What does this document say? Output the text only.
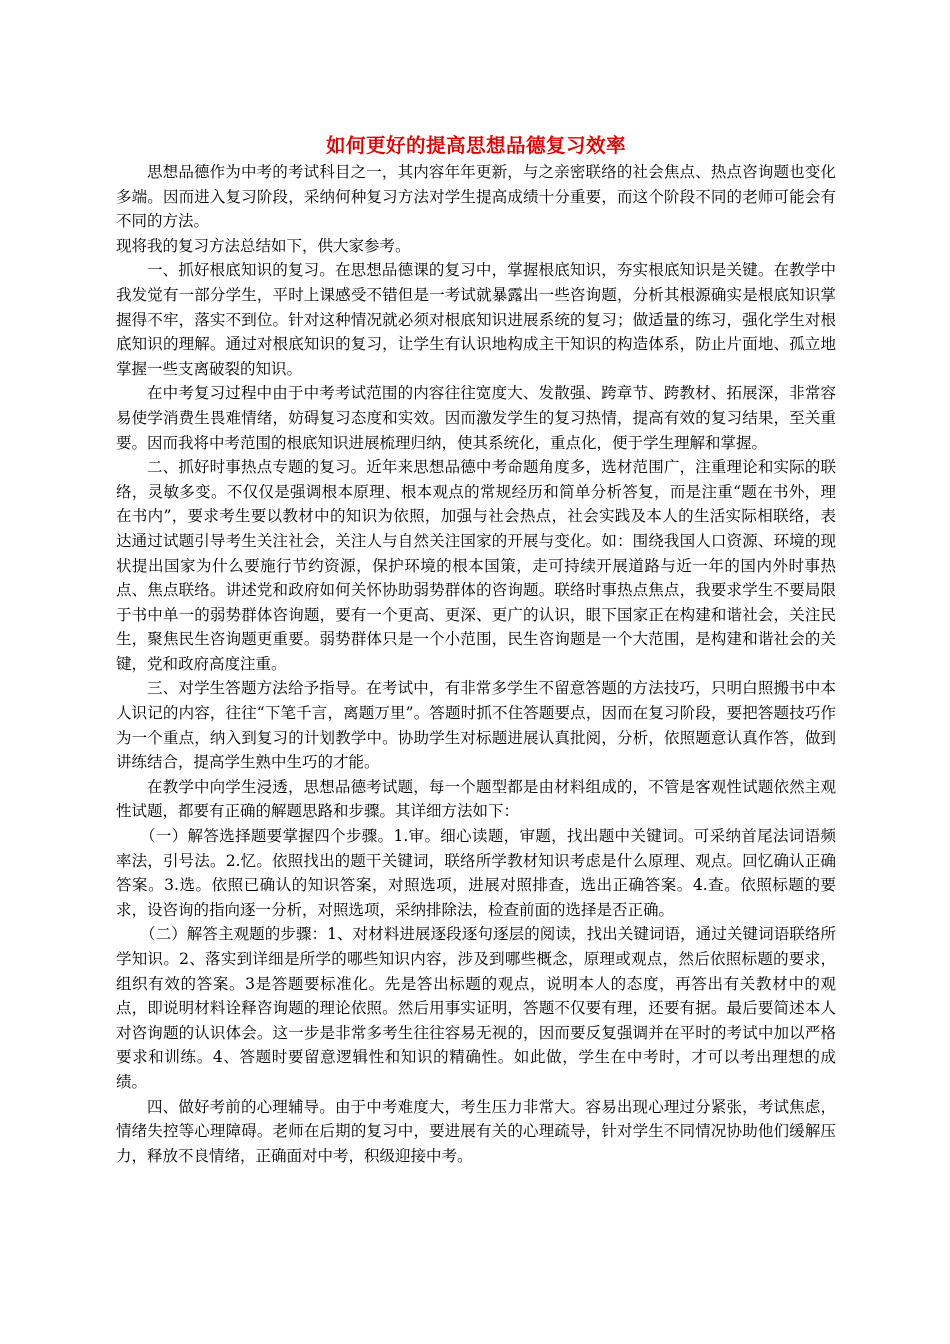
如何更好的提高思想品德复习效率

思想品德作为中考的考试科目之一，其内容年年更新，与之亲密联络的社会焦点、热点咨询题也变化多端。因而进入复习阶段，采纳何种复习方法对学生提高成绩十分重要，而这个阶段不同的老师可能会有不同的方法。

现将我的复习方法总结如下，供大家参考。

一、抓好根底知识的复习。在思想品德课的复习中，掌握根底知识，夯实根底知识是关键。在教学中我发觉有一部分学生，平时上课感受不错但是一考试就暴露出一些咨询题，分析其根源确实是根底知识掌握得不牢，落实不到位。针对这种情况就必须对根底知识进展系统的复习；做适量的练习，强化学生对根底知识的理解。通过对根底知识的复习，让学生有认识地构成主干知识的构造体系，防止片面地、孤立地掌握一些支离破裂的知识。

在中考复习过程中由于中考考试范围的内容往往宽度大、发散强、跨章节、跨教材、拓展深，非常容易使学消费生畏难情绪，妨碍复习态度和实效。因而激发学生的复习热情，提高有效的复习结果，至关重要。因而我将中考范围的根底知识进展梳理归纳，使其系统化，重点化，便于学生理解和掌握。

二、抓好时事热点专题的复习。近年来思想品德中考命题角度多，选材范围广，注重理论和实际的联络，灵敏多变。不仅仅是强调根本原理、根本观点的常规经历和简单分析答复，而是注重“题在书外，理在书内”，要求考生要以教材中的知识为依照，加强与社会热点，社会实践及本人的生活实际相联络，表达通过试题引导考生关注社会，关注人与自然关注国家的开展与变化。如：围绕我国人口资源、环境的现状提出国家为什么要施行节约资源，保护环境的根本国策，走可持续开展道路与近一年的国内外时事热点、焦点联络。讲述党和政府如何关怀协助弱势群体的咨询题。联络时事热点焦点，我要求学生不要局限于书中单一的弱势群体咨询题，要有一个更高、更深、更广的认识，眼下国家正在构建和谐社会，关注民生，聚焦民生咨询题更重要。弱势群体只是一个小范围，民生咨询题是一个大范围，是构建和谐社会的关键，党和政府高度注重。

三、对学生答题方法给予指导。在考试中，有非常多学生不留意答题的方法技巧，只明白照搬书中本人识记的内容，往往“下笔千言，离题万里”。答题时抓不住答题要点，因而在复习阶段，要把答题技巧作为一个重点，纳入到复习的计划教学中。协助学生对标题进展认真批阅，分析，依照题意认真作答，做到讲练结合，提高学生熟中生巧的才能。

在教学中向学生浸透，思想品德考试题，每一个题型都是由材料组成的，不管是客观性试题依然主观性试题，都要有正确的解题思路和步骤。其详细方法如下：

（一）解答选择题要掌握四个步骤。1.审。细心读题，审题，找出题中关键词。可采纳首尾法词语频率法，引号法。2.忆。依照找出的题干关键词，联络所学教材知识考虑是什么原理、观点。回忆确认正确答案。3.选。依照已确认的知识答案，对照选项，进展对照排查，选出正确答案。4.查。依照标题的要求，设咨询的指向逐一分析，对照选项，采纳排除法，检查前面的选择是否正确。

（二）解答主观题的步骤：1、对材料进展逐段逐句逐层的阅读，找出关键词语，通过关键词语联络所学知识。2、落实到详细是所学的哪些知识内容，涉及到哪些概念，原理或观点，然后依照标题的要求，组织有效的答案。3是答题要标准化。先是答出标题的观点，说明本人的态度，再答出有关教材中的观点，即说明材料诠释咨询题的理论依照。然后用事实证明，答题不仅要有理，还要有据。最后要简述本人对咨询题的认识体会。这一步是非常多考生往往容易无视的，因而要反复强调并在平时的考试中加以严格要求和训练。4、答题时要留意逻辑性和知识的精确性。如此做，学生在中考时，才可以考出理想的成绩。

四、做好考前的心理辅导。由于中考难度大，考生压力非常大。容易出现心理过分紧张，考试焦虑，情绪失控等心理障碍。老师在后期的复习中，要进展有关的心理疏导，针对学生不同情况协助他们缓解压力，释放不良情绪，正确面对中考，积级迎接中考。
